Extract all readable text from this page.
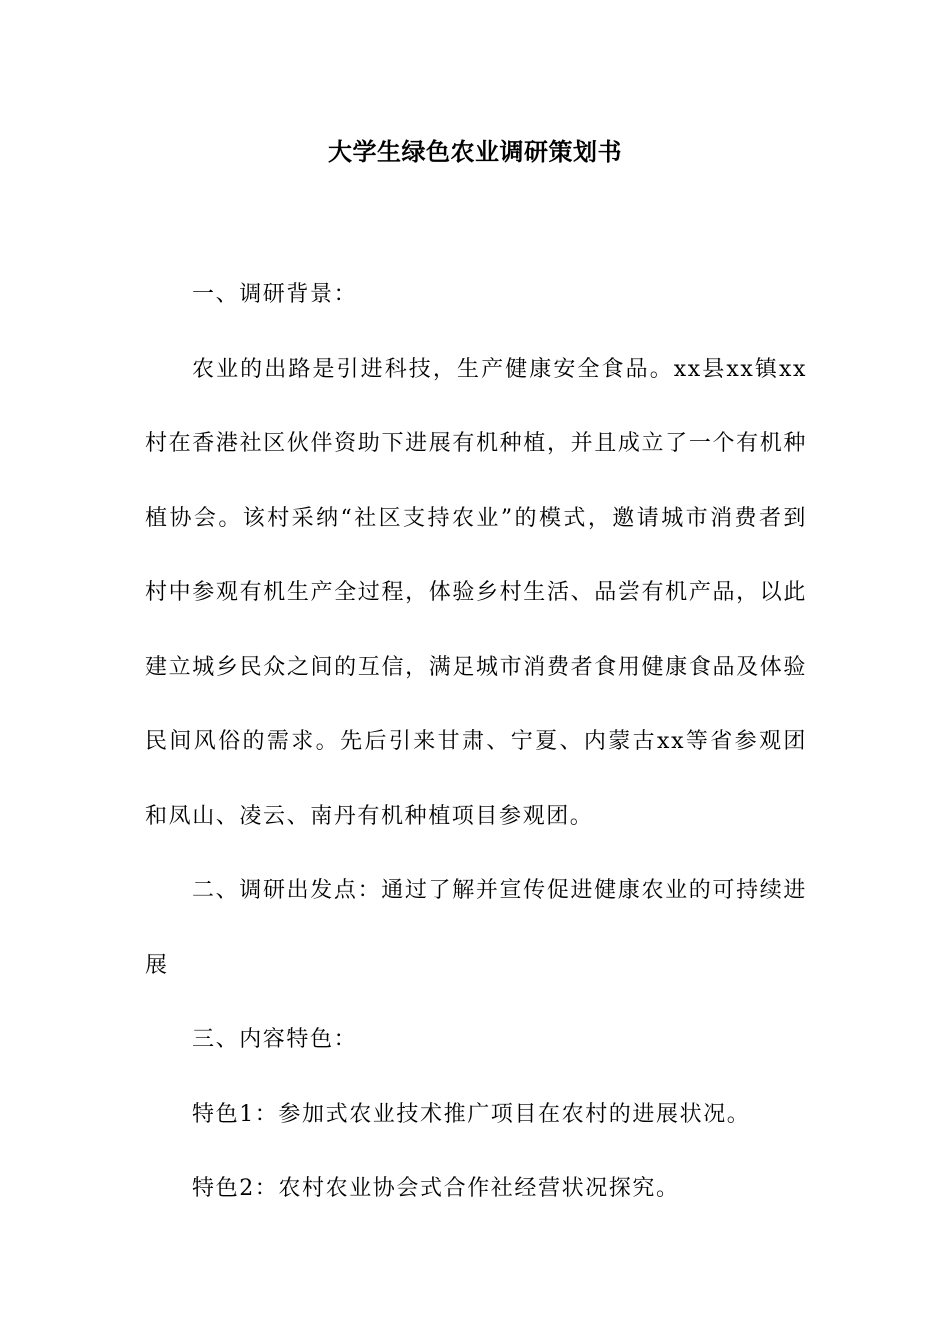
大学生绿色农业调研策划书

一、调研背景：

农业的出路是引进科技，生产健康安全食品。xx县xx镇xx村在香港社区伙伴资助下进展有机种植，并且成立了一个有机种植协会。该村采纳“社区支持农业”的模式，邀请城市消费者到村中参观有机生产全过程，体验乡村生活、品尝有机产品，以此建立城乡民众之间的互信，满足城市消费者食用健康食品及体验民间风俗的需求。先后引来甘肃、宁夏、内蒙古xx等省参观团和凤山、凌云、南丹有机种植项目参观团。

二、调研出发点：通过了解并宣传促进健康农业的可持续进展

三、内容特色：

特色1：参加式农业技术推广项目在农村的进展状况。

特色2：农村农业协会式合作社经营状况探究。
